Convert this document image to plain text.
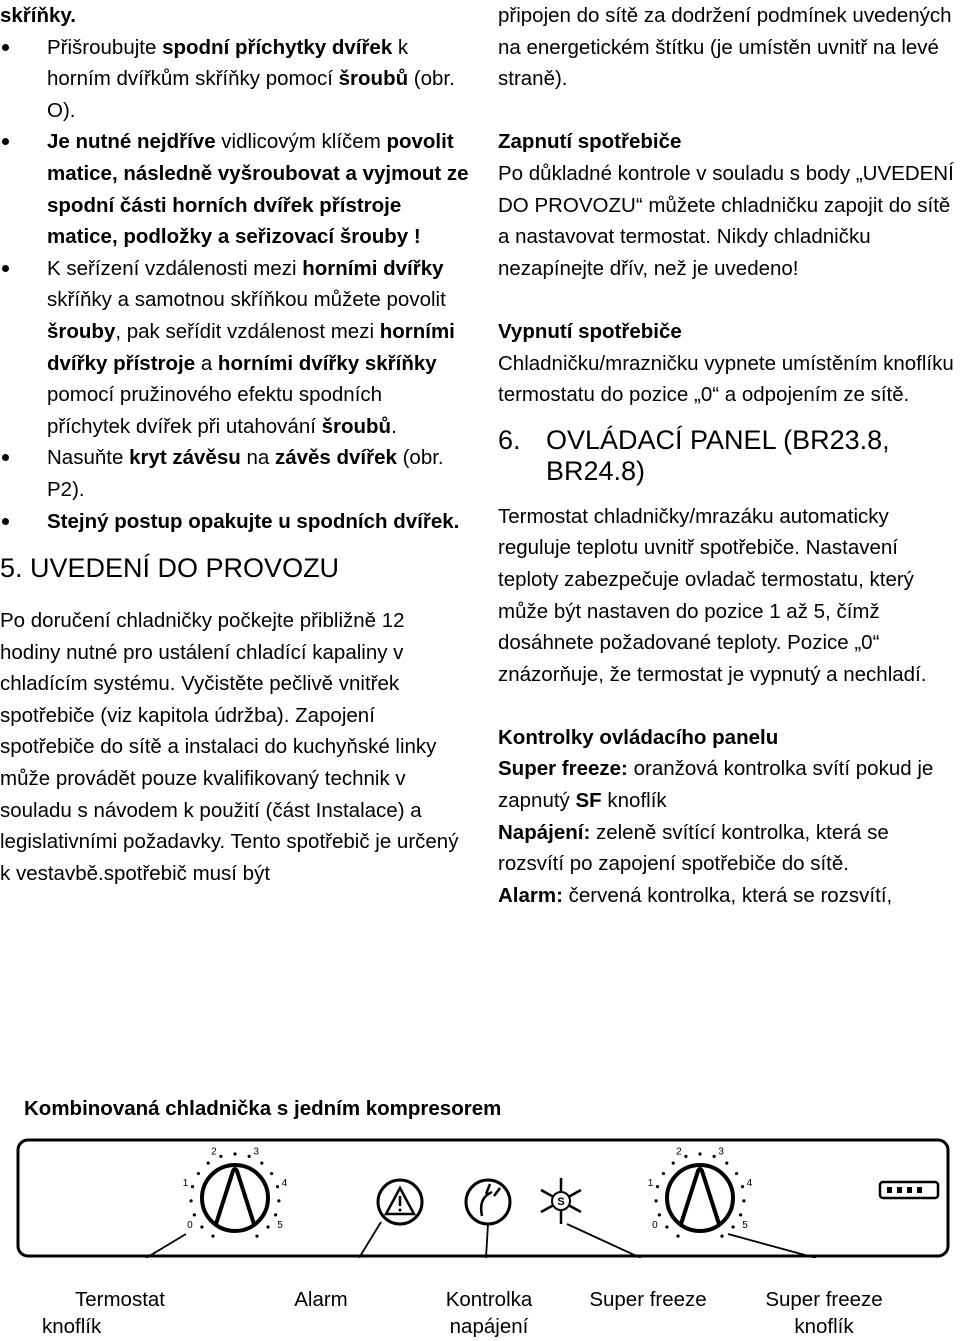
skříňky.
Přišroubujte spodní příchytky dvířek k horním dvířkům skříňky pomocí šroubů (obr. O).
Je nutné nejdříve vidlicovým klíčem povolit matice, následně vyšroubovat a vyjmout ze spodní části horních dvířek přístroje matice, podložky a seřizovací šrouby !
K seřízení vzdálenosti mezi horními dvířky skříňky a samotnou skříňkou můžete povolit šrouby, pak seřídit vzdálenost mezi horními dvířky přístroje a horními dvířky skříňky pomocí pružinového efektu spodních příchytek dvířek při utahování šroubů.
Nasuňte kryt závěsu na závěs dvířek (obr. P2).
Stejný postup opakujte u spodních dvířek.
5. UVEDENÍ DO PROVOZU
Po doručení chladničky počkejte přibližně 12 hodiny nutné pro ustálení chladící kapaliny v chladícím systému. Vyčistěte pečlivě vnitřek spotřebiče (viz kapitola údržba). Zapojení spotřebiče do sítě a instalaci do kuchyňské linky může provádět pouze kvalifikovaný technik v souladu s návodem k použití (část Instalace) a legislativními požadavky. Tento spotřebič je určený k vestavbě.spotřebič musí být
připojen do sítě za dodržení podmínek uvedených na energetickém štítku (je umístěn uvnitř na levé straně).
Zapnutí spotřebiče
Po důkladné kontrole v souladu s body „UVEDENÍ DO PROVOZU“ můžete chladničku zapojit do sítě a nastavovat termostat. Nikdy chladničku nezapínejte dřív, než je uvedeno!
Vypnutí spotřebiče
Chladničku/mrazničku vypnete umístěním knoflíku termostatu do pozice „0“ a odpojením ze sítě.
6. OVLÁDACÍ PANEL (BR23.8, BR24.8)
Termostat chladničky/mrazáku automaticky reguluje teplotu uvnitř spotřebiče. Nastavení teploty zabezpečuje ovladač termostatu, který může být nastaven do pozice 1 až 5, čímž dosáhnete požadované teploty. Pozice „0“ znázorňuje, že termostat je vypnutý a nechladí.
Kontrolky ovládacího panelu
Super freeze: oranžová kontrolka svítí pokud je zapnutý SF knoflík
Napájení: zeleně svítící kontrolka, která se rozsvítí po zapojení spotřebiče do sítě.
Alarm: červená kontrolka, která se rozsvítí,
Kombinovaná chladnička s jedním kompresorem
0
1
2	3
4
5
S
0
1
2	3
4
5
Termostat
knoflík
Alarm	Kontrolka
napájení
Super freeze	Super freeze
knoflík
